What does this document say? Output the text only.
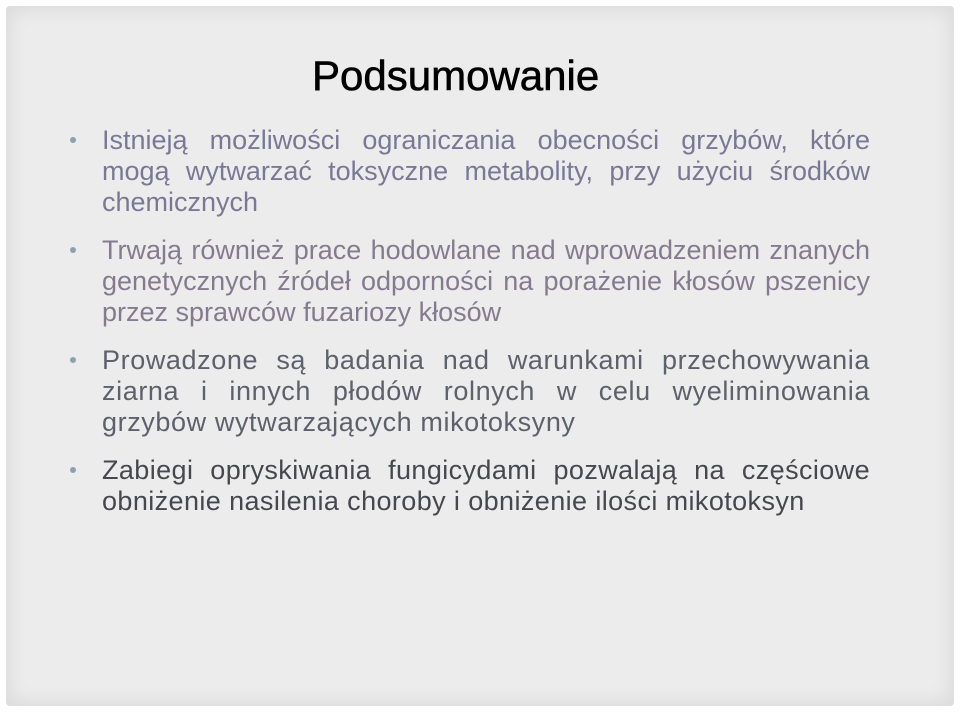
Podsumowanie
Istnieją możliwości ograniczania obecności grzybów, które mogą wytwarzać toksyczne metabolity, przy użyciu środków chemicznych
Trwają również prace hodowlane nad wprowadzeniem znanych genetycznych źródeł odporności na porażenie kłosów pszenicy przez sprawców fuzariozy kłosów
Prowadzone są badania nad warunkami przechowywania ziarna i innych płodów rolnych w celu wyeliminowania grzybów wytwarzających mikotoksyny
Zabiegi opryskiwania fungicydami pozwalają na częściowe obniżenie nasilenia choroby i obniżenie ilości mikotoksyn
